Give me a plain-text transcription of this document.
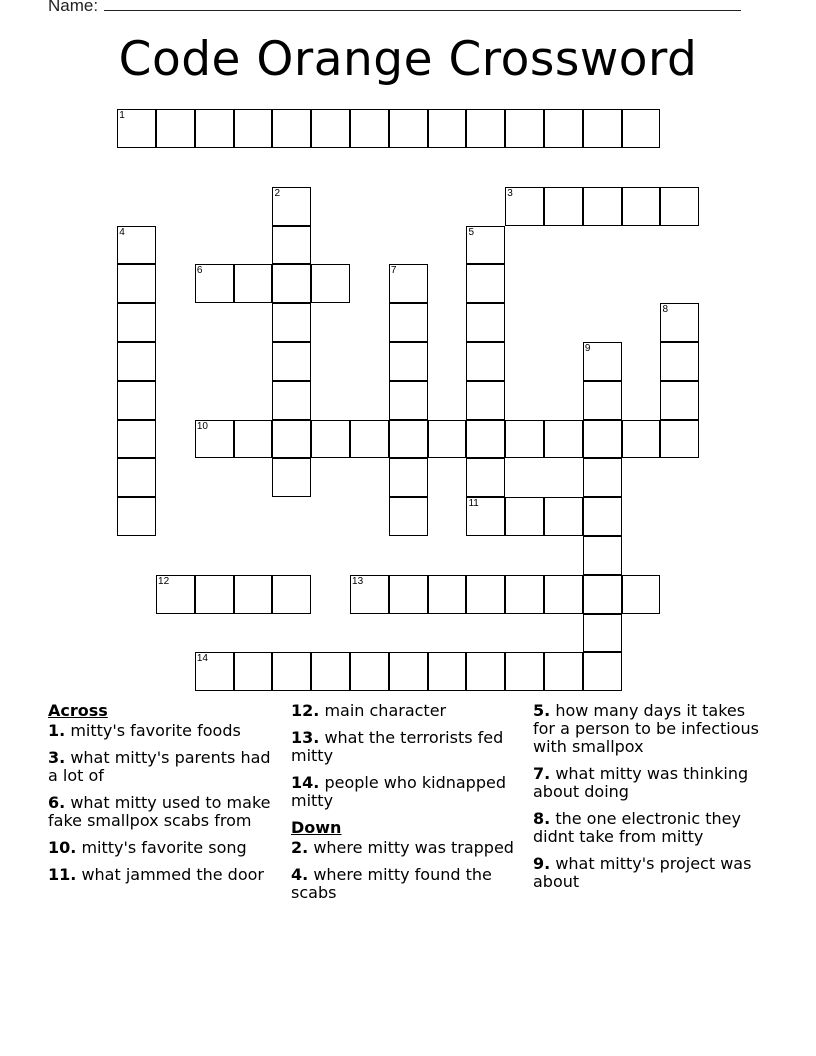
Name:
Code Orange Crossword
1
2	3
4	5
11
6	7
8
9
10
12	13
14
Across
1. mitty's favorite foods
3. what mitty's parents had a lot of
6. what mitty used to make fake smallpox scabs from
10. mitty's favorite song
11. what jammed the door
12. main character
13. what the terrorists fed mitty
14. people who kidnapped mitty
Down
2. where mitty was trapped
4. where mitty found the scabs
5. how many days it takes for a person to be infectious with smallpox
7. what mitty was thinking about doing
8. the one electronic they didnt take from mitty
9. what mitty's project was about
